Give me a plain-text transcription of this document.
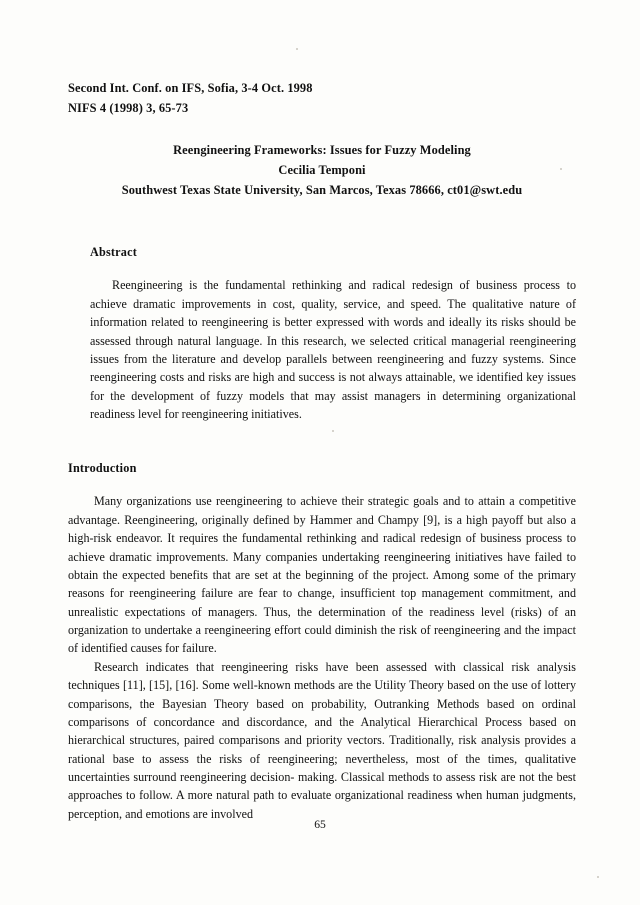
Second Int. Conf. on IFS, Sofia, 3-4 Oct. 1998
NIFS 4 (1998) 3, 65-73
Reengineering Frameworks: Issues for Fuzzy Modeling
Cecilia Temponi
Southwest Texas State University, San Marcos, Texas 78666, ct01@swt.edu
Abstract

Reengineering is the fundamental rethinking and radical redesign of business process to achieve dramatic improvements in cost, quality, service, and speed. The qualitative nature of information related to reengineering is better expressed with words and ideally its risks should be assessed through natural language. In this research, we selected critical managerial reengineering issues from the literature and develop parallels between reengineering and fuzzy systems. Since reengineering costs and risks are high and success is not always attainable, we identified key issues for the development of fuzzy models that may assist managers in determining organizational readiness level for reengineering initiatives.

Introduction

Many organizations use reengineering to achieve their strategic goals and to attain a competitive advantage. Reengineering, originally defined by Hammer and Champy [9], is a high payoff but also a high-risk endeavor. It requires the fundamental rethinking and radical redesign of business process to achieve dramatic improvements. Many companies undertaking reengineering initiatives have failed to obtain the expected benefits that are set at the beginning of the project. Among some of the primary reasons for reengineering failure are fear to change, insufficient top management commitment, and unrealistic expectations of managers. Thus, the determination of the readiness level (risks) of an organization to undertake a reengineering effort could diminish the risk of reengineering and the impact of identified causes for failure.

Research indicates that reengineering risks have been assessed with classical risk analysis techniques [11], [15], [16]. Some well-known methods are the Utility Theory based on the use of lottery comparisons, the Bayesian Theory based on probability, Outranking Methods based on ordinal comparisons of concordance and discordance, and the Analytical Hierarchical Process based on hierarchical structures, paired comparisons and priority vectors. Traditionally, risk analysis provides a rational base to assess the risks of reengineering; nevertheless, most of the times, qualitative uncertainties surround reengineering decision- making. Classical methods to assess risk are not the best approaches to follow. A more natural path to evaluate organizational readiness when human judgments, perception, and emotions are involved

65
